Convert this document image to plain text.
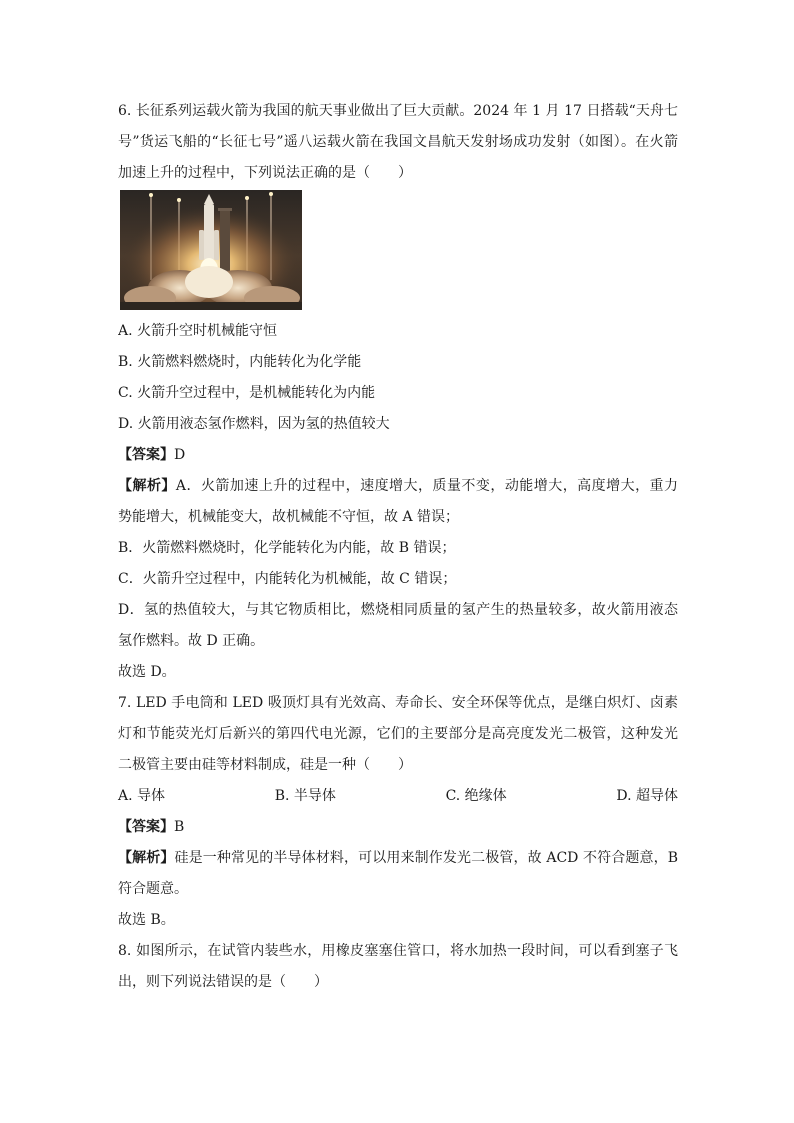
6. 长征系列运载火箭为我国的航天事业做出了巨大贡献。2024 年 1 月 17 日搭载“天舟七
号”货运飞船的“长征七号”遥八运载火箭在我国文昌航天发射场成功发射（如图）。在火箭
加速上升的过程中，下列说法正确的是（　　）
A. 火箭升空时机械能守恒
B. 火箭燃料燃烧时，内能转化为化学能
C. 火箭升空过程中，是机械能转化为内能
D. 火箭用液态氢作燃料，因为氢的热值较大
【答案】D
【解析】A．火箭加速上升的过程中，速度增大，质量不变，动能增大，高度增大，重力
势能增大，机械能变大，故机械能不守恒，故 A 错误；
B．火箭燃料燃烧时，化学能转化为内能，故 B 错误；
C．火箭升空过程中，内能转化为机械能，故 C 错误；
D．氢的热值较大，与其它物质相比，燃烧相同质量的氢产生的热量较多，故火箭用液态
氢作燃料。故 D 正确。
故选 D。
7. LED 手电筒和 LED 吸顶灯具有光效高、寿命长、安全环保等优点，是继白炽灯、卤素
灯和节能荧光灯后新兴的第四代电光源，它们的主要部分是高亮度发光二极管，这种发光
二极管主要由硅等材料制成，硅是一种（　　）
A. 导体	B. 半导体	C. 绝缘体	D. 超导体
【答案】B
【解析】硅是一种常见的半导体材料，可以用来制作发光二极管，故 ACD 不符合题意，B
符合题意。
故选 B。
8. 如图所示，在试管内装些水，用橡皮塞塞住管口，将水加热一段时间，可以看到塞子飞
出，则下列说法错误的是（　　）
